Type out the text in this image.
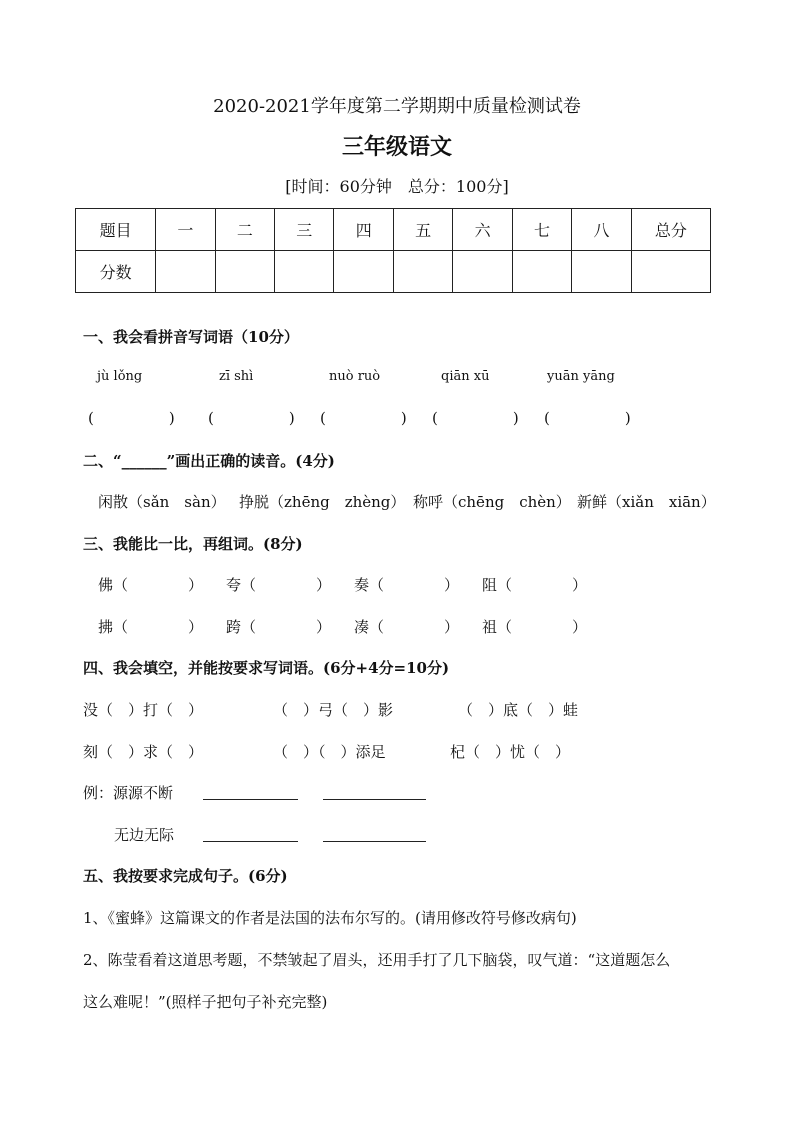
2020-2021学年度第二学期期中质量检测试卷
三年级语文
[时间：60分钟　总分：100分]
题目	一	二	三	四	五	六	七	八	总分
分数									
一、我会看拼音写词语（10分）
jù lǒng	zī shì	nuò ruò	qiān xū	yuān yāng
(　　　　　) (　　　　　) (　　　　　) (　　　　　) (　　　　　)
二、“______”画出正确的读音。(4分)
闲散（sǎn　sàn） 挣脱（zhēng　zhèng） 称呼（chēng　chèn） 新鲜（xiǎn　xiān）
三、我能比一比，再组词。(8分)
佛（　　　　） 夸（　　　　） 奏（　　　　） 阻（　　　　）
拂（　　　　） 跨（　　　　） 凑（　　　　） 祖（　　　　）
四、我会填空，并能按要求写词语。(6分+4分=10分)
没（　）打（　）	（　）弓（　）影	（　）底（　）蛙
刻（　）求（　）	（　）（　）添足	杞（　）忧（　）
例：源源不断
无边无际
五、我按要求完成句子。(6分)
1、《蜜蜂》这篇课文的作者是法国的法布尔写的。(请用修改符号修改病句)
2、陈莹看着这道思考题，不禁皱起了眉头，还用手打了几下脑袋，叹气道：“这道题怎么
这么难呢！”(照样子把句子补充完整)
